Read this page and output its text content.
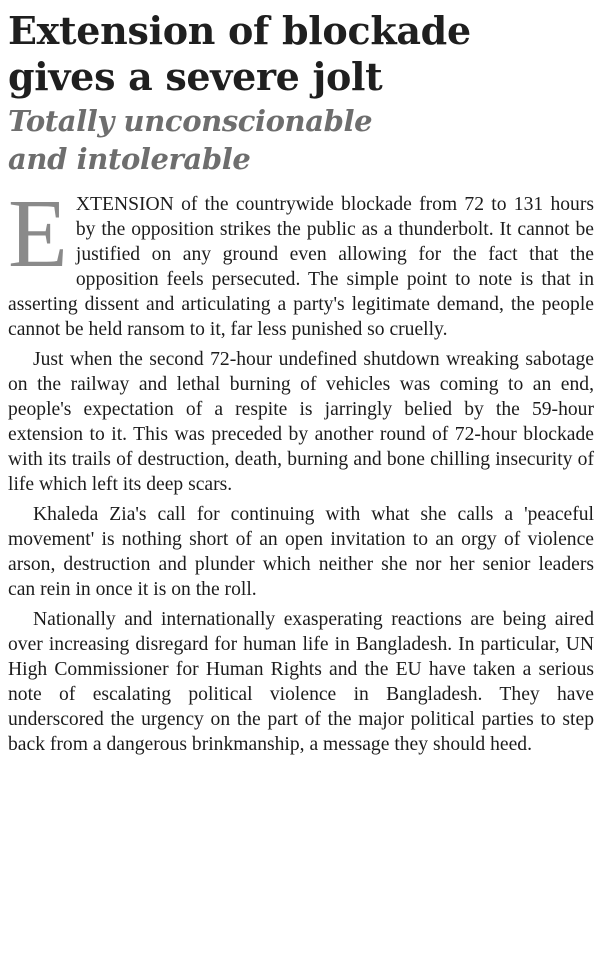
Extension of blockade
gives a severe jolt
Totally unconscionable
and intolerable

EXTENSION of the countrywide blockade from 72 to 131 hours by the opposition strikes the public as a thunderbolt. It cannot be justified on any ground even allowing for the fact that the opposition feels persecuted. The simple point to note is that in asserting dissent and articulating a party's legitimate demand, the people cannot be held ransom to it, far less punished so cruelly.

Just when the second 72-hour undefined shutdown wreaking sabotage on the railway and lethal burning of vehicles was coming to an end, people's expectation of a respite is jarringly belied by the 59-hour extension to it. This was preceded by another round of 72-hour blockade with its trails of destruction, death, burning and bone chilling insecurity of life which left its deep scars.

Khaleda Zia's call for continuing with what she calls a 'peaceful movement' is nothing short of an open invitation to an orgy of violence arson, destruction and plunder which neither she nor her senior leaders can rein in once it is on the roll.

Nationally and internationally exasperating reactions are being aired over increasing disregard for human life in Bangladesh. In particular, UN High Commissioner for Human Rights and the EU have taken a serious note of escalating political violence in Bangladesh. They have underscored the urgency on the part of the major political parties to step back from a dangerous brinkmanship, a message they should heed.
